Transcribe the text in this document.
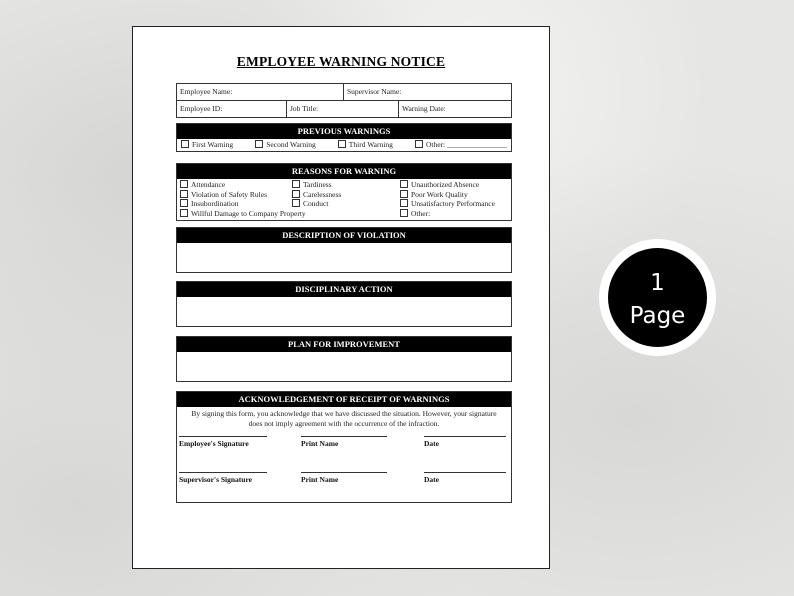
EMPLOYEE WARNING NOTICE
Employee Name:	Supervisor Name:
Employee ID:	Job Title:	Warning Date:
PREVIOUS WARNINGS
First Warning	Second Warning	Third Warning	Other: ________________
REASONS FOR WARNING
Attendance	Tardiness	Unauthorized Absence
Violation of Safety Rules	Carelessness	Poor Work Quality
Insubordination	Conduct	Unsatisfactory Performance
Willful Damage to Company Property	Other:
DESCRIPTION OF VIOLATION
DISCIPLINARY ACTION
PLAN FOR IMPROVEMENT
ACKNOWLEDGEMENT OF RECEIPT OF WARNINGS
By signing this form, you acknowledge that we have discussed the situation. However, your signature does not imply agreement with the occurrence of the infraction.
Employee's Signature	Print Name	Date
Supervisor's Signature	Print Name	Date
1
Page
